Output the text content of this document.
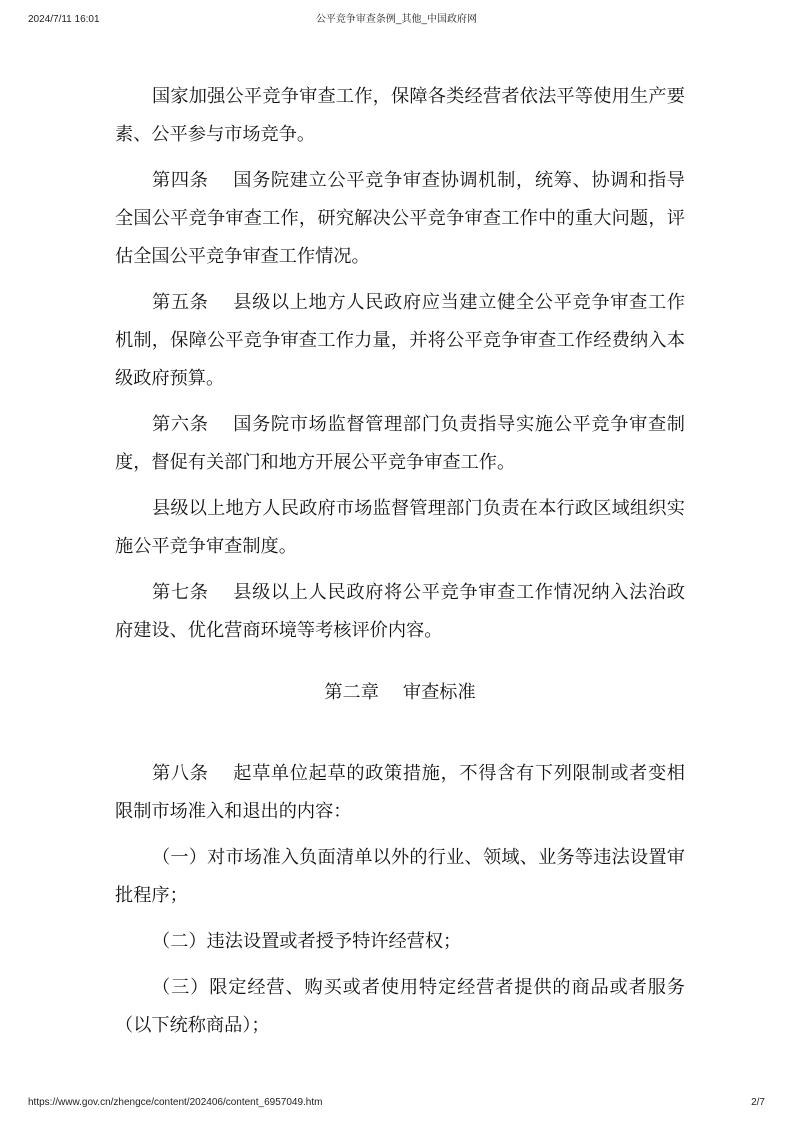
2024/7/11 16:01	公平竞争审查条例_其他_中国政府网

国家加强公平竞争审查工作，保障各类经营者依法平等使用生产要素、公平参与市场竞争。

第四条 国务院建立公平竞争审查协调机制，统筹、协调和指导全国公平竞争审查工作，研究解决公平竞争审查工作中的重大问题，评估全国公平竞争审查工作情况。

第五条 县级以上地方人民政府应当建立健全公平竞争审查工作机制，保障公平竞争审查工作力量，并将公平竞争审查工作经费纳入本级政府预算。

第六条 国务院市场监督管理部门负责指导实施公平竞争审查制度，督促有关部门和地方开展公平竞争审查工作。

县级以上地方人民政府市场监督管理部门负责在本行政区域组织实施公平竞争审查制度。

第七条 县级以上人民政府将公平竞争审查工作情况纳入法治政府建设、优化营商环境等考核评价内容。

第二章 审查标准

第八条 起草单位起草的政策措施，不得含有下列限制或者变相限制市场准入和退出的内容：

（一）对市场准入负面清单以外的行业、领域、业务等违法设置审批程序；

（二）违法设置或者授予特许经营权；

（三）限定经营、购买或者使用特定经营者提供的商品或者服务（以下统称商品）；

https://www.gov.cn/zhengce/content/202406/content_6957049.htm	2/7
